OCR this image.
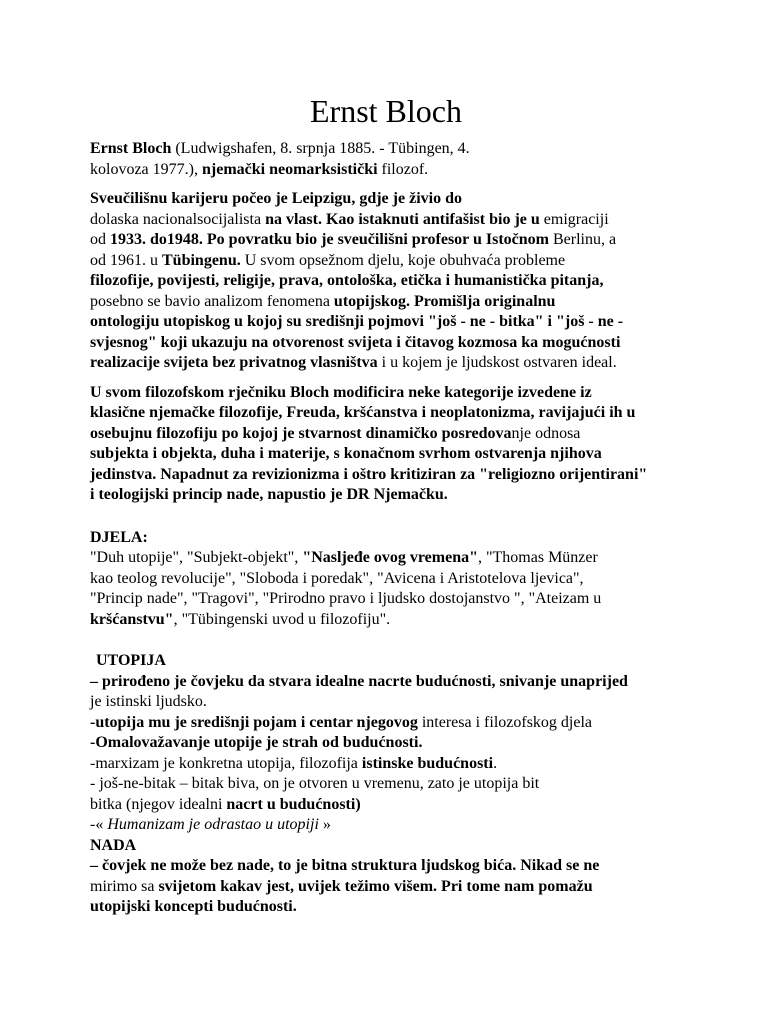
Ernst Bloch

Ernst Bloch (Ludwigshafen, 8. srpnja 1885. - Tübingen, 4.

kolovoza 1977.), njemački neomarksistički filozof.

Sveučilišnu karijeru počeo je Leipzigu, gdje je živio do

dolaska nacionalsocijalista na vlast. Kao istaknuti antifašist bio je u emigraciji

od 1933. do1948. Po povratku bio je sveučilišni profesor u Istočnom Berlinu, a

od 1961. u Tübingenu. U svom opsežnom djelu, koje obuhvaća probleme

filozofije, povijesti, religije, prava, ontološka, etička i humanistička pitanja,

posebno se bavio analizom fenomena utopijskog. Promišlja originalnu

ontologiju utopiskog u kojoj su središnji pojmovi "još - ne - bitka" i "još - ne -

svjesnog" koji ukazuju na otvorenost svijeta i čitavog kozmosa ka mogućnosti

realizacije svijeta bez privatnog vlasništva i u kojem je ljudskost ostvaren ideal.

U svom filozofskom rječniku Bloch modificira neke kategorije izvedene iz

klasične njemačke filozofije, Freuda, kršćanstva i neoplatonizma, ravijajući ih u

osebujnu filozofiju po kojoj je stvarnost dinamičko posredovanje odnosa

subjekta i objekta, duha i materije, s konačnom svrhom ostvarenja njihova

jedinstva. Napadnut za revizionizma i oštro kritiziran za "religiozno orijentirani"

i teologijski princip nade, napustio je DR Njemačku.

DJELA:

"Duh utopije", "Subjekt-objekt", "Nasljeđe ovog vremena", "Thomas Münzer

kao teolog revolucije", "Sloboda i poredak", "Avicena i Aristotelova ljevica",

"Princip nade", "Tragovi", "Prirodno pravo i ljudsko dostojanstvo ", "Ateizam u

kršćanstvu", "Tübingenski uvod u filozofiju".

UTOPIJA

– prirođeno je čovjeku da stvara idealne nacrte budućnosti, snivanje unaprijed

je istinski ljudsko.

-utopija mu je središnji pojam i centar njegovog interesa i filozofskog djela

-Omalovažavanje utopije je strah od budućnosti.

-marxizam je konkretna utopija, filozofija istinske budućnosti.

- još-ne-bitak – bitak biva, on je otvoren u vremenu, zato je utopija bit

bitka (njegov idealni nacrt u budućnosti)

-« Humanizam je odrastao u utopiji »

NADA

– čovjek ne može bez nade, to je bitna struktura ljudskog bića. Nikad se ne

mirimo sa svijetom kakav jest, uvijek težimo višem. Pri tome nam pomažu

utopijski koncepti budućnosti.
